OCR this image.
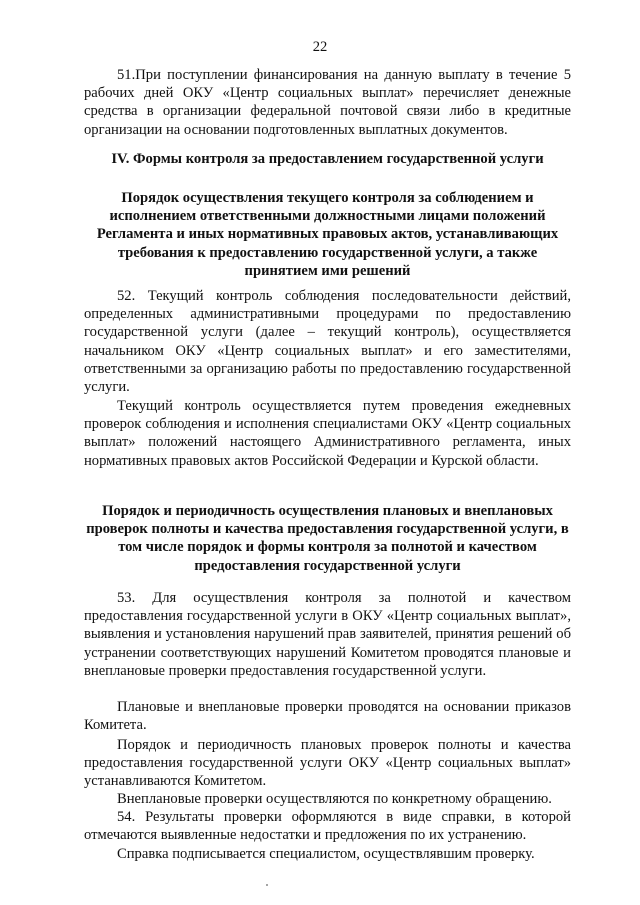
22

51.При поступлении финансирования на данную выплату в течение 5 рабочих дней ОКУ «Центр социальных выплат» перечисляет денежные средства в организации федеральной почтовой связи либо в кредитные организации на основании подготовленных выплатных документов.

IV. Формы контроля за предоставлением государственной услуги

Порядок осуществления текущего контроля за соблюдением и исполнением ответственными должностными лицами положений Регламента и иных нормативных правовых актов, устанавливающих требования к предоставлению государственной услуги, а также принятием ими решений

52. Текущий контроль соблюдения последовательности действий, определенных административными процедурами по предоставлению государственной услуги (далее – текущий контроль), осуществляется начальником ОКУ «Центр социальных выплат» и его заместителями, ответственными за организацию работы по предоставлению государственной услуги.

Текущий контроль осуществляется путем проведения ежедневных проверок соблюдения и исполнения специалистами ОКУ «Центр социальных выплат» положений настоящего Административного регламента, иных нормативных правовых актов Российской Федерации и Курской области.

Порядок и периодичность осуществления плановых и внеплановых проверок полноты и качества предоставления государственной услуги, в том числе порядок и формы контроля за полнотой и качеством предоставления государственной услуги

53. Для осуществления контроля за полнотой и качеством предоставления государственной услуги в ОКУ «Центр социальных выплат», выявления и установления нарушений прав заявителей, принятия решений об устранении соответствующих нарушений Комитетом проводятся плановые и внеплановые проверки предоставления государственной услуги.

Плановые и внеплановые проверки проводятся на основании приказов Комитета.

Порядок и периодичность плановых проверок полноты и качества предоставления государственной услуги ОКУ «Центр социальных выплат» устанавливаются Комитетом.

Внеплановые проверки осуществляются по конкретному обращению.

54. Результаты проверки оформляются в виде справки, в которой отмечаются выявленные недостатки и предложения по их устранению.

Справка подписывается специалистом, осуществлявшим проверку.
